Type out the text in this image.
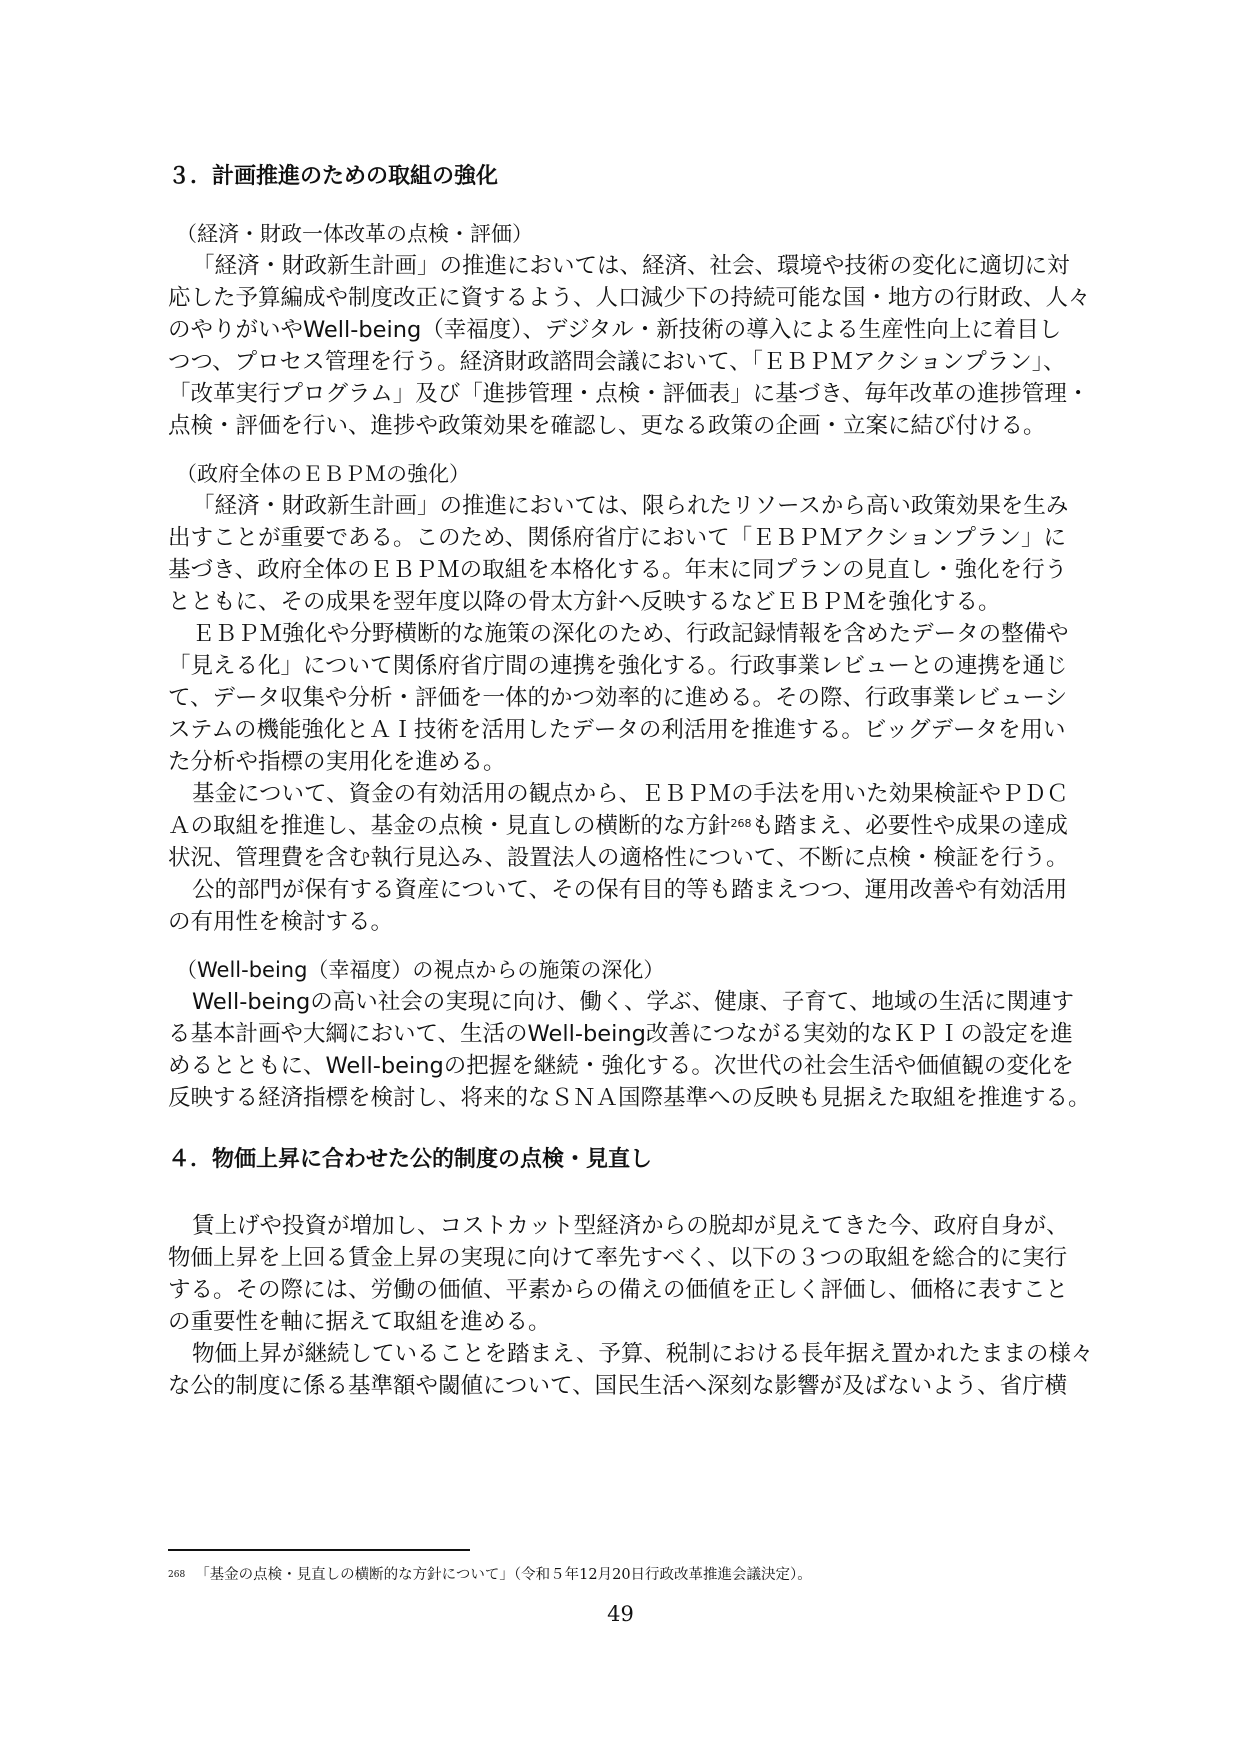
３．計画推進のための取組の強化
（経済・財政一体改革の点検・評価）
「経済・財政新生計画」の推進においては、経済、社会、環境や技術の変化に適切に対
応した予算編成や制度改正に資するよう、人口減少下の持続可能な国・地方の行財政、人々
のやりがいやWell-being（幸福度）、デジタル・新技術の導入による生産性向上に着目し
つつ、プロセス管理を行う。経済財政諮問会議において、「ＥＢＰＭアクションプラン」、
「改革実行プログラム」及び「進捗管理・点検・評価表」に基づき、毎年改革の進捗管理・
点検・評価を行い、進捗や政策効果を確認し、更なる政策の企画・立案に結び付ける。
（政府全体のＥＢＰＭの強化）
「経済・財政新生計画」の推進においては、限られたリソースから高い政策効果を生み
出すことが重要である。このため、関係府省庁において「ＥＢＰＭアクションプラン」に
基づき、政府全体のＥＢＰＭの取組を本格化する。年末に同プランの見直し・強化を行う
とともに、その成果を翌年度以降の骨太方針へ反映するなどＥＢＰＭを強化する。
ＥＢＰＭ強化や分野横断的な施策の深化のため、行政記録情報を含めたデータの整備や
「見える化」について関係府省庁間の連携を強化する。行政事業レビューとの連携を通じ
て、データ収集や分析・評価を一体的かつ効率的に進める。その際、行政事業レビューシ
ステムの機能強化とＡＩ技術を活用したデータの利活用を推進する。ビッグデータを用い
た分析や指標の実用化を進める。
基金について、資金の有効活用の観点から、ＥＢＰＭの手法を用いた効果検証やＰＤＣ
Ａの取組を推進し、基金の点検・見直しの横断的な方針$^{268}$も踏まえ、必要性や成果の達成
状況、管理費を含む執行見込み、設置法人の適格性について、不断に点検・検証を行う。
公的部門が保有する資産について、その保有目的等も踏まえつつ、運用改善や有効活用
の有用性を検討する。
（Well-being（幸福度）の視点からの施策の深化）
Well-beingの高い社会の実現に向け、働く、学ぶ、健康、子育て、地域の生活に関連す
る基本計画や大綱において、生活のWell-being改善につながる実効的なＫＰＩの設定を進
めるとともに、Well-beingの把握を継続・強化する。次世代の社会生活や価値観の変化を
反映する経済指標を検討し、将来的なＳＮＡ国際基準への反映も見据えた取組を推進する。
４．物価上昇に合わせた公的制度の点検・見直し
賃上げや投資が増加し、コストカット型経済からの脱却が見えてきた今、政府自身が、
物価上昇を上回る賃金上昇の実現に向けて率先すべく、以下の３つの取組を総合的に実行
する。その際には、労働の価値、平素からの備えの価値を正しく評価し、価格に表すこと
の重要性を軸に据えて取組を進める。
物価上昇が継続していることを踏まえ、予算、税制における長年据え置かれたままの様々
な公的制度に係る基準額や閾値について、国民生活へ深刻な影響が及ばないよう、省庁横
$^{268}$ 「基金の点検・見直しの横断的な方針について」（令和５年12月20日行政改革推進会議決定）。
49
